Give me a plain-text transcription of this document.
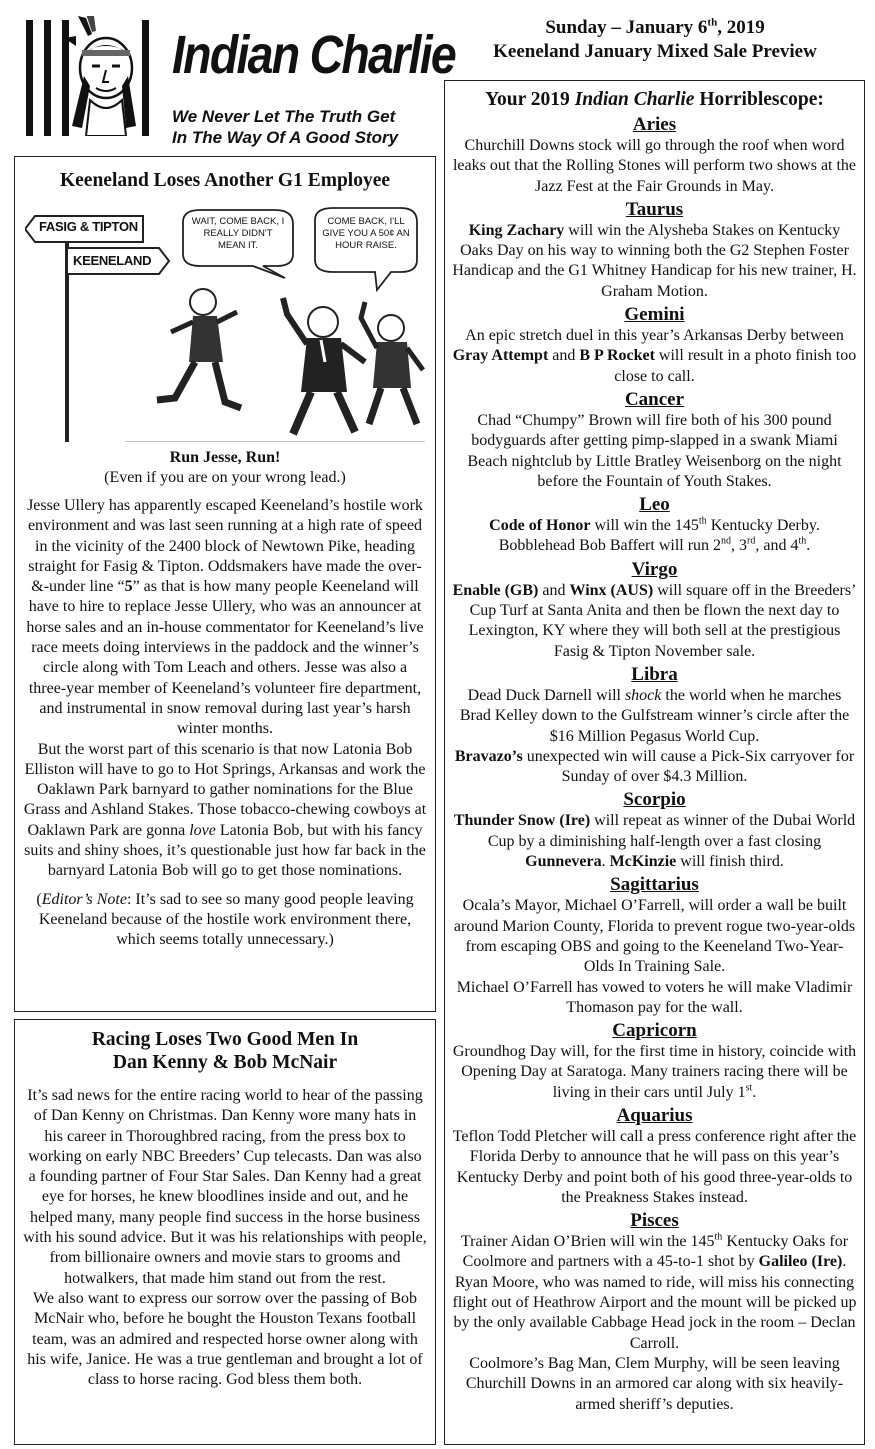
Indian Charlie
We Never Let The Truth Get
In The Way Of A Good Story
Sunday – January 6th, 2019
Keeneland January Mixed Sale Preview
Keeneland Loses Another G1 Employee
FASIG & TIPTON
KEENELAND
WAIT, COME BACK, I REALLY DIDN'T MEAN IT.
COME BACK, I'LL GIVE YOU A 50¢ AN HOUR RAISE.
Run Jesse, Run!
(Even if you are on your wrong lead.)

Jesse Ullery has apparently escaped Keeneland’s hostile work environment and was last seen running at a high rate of speed in the vicinity of the 2400 block of Newtown Pike, heading straight for Fasig & Tipton. Oddsmakers have made the over-&-under line “5” as that is how many people Keeneland will have to hire to replace Jesse Ullery, who was an announcer at horse sales and an in-house commentator for Keeneland’s live race meets doing interviews in the paddock and the winner’s circle along with Tom Leach and others. Jesse was also a three-year member of Keeneland’s volunteer fire department, and instrumental in snow removal during last year’s harsh winter months.

But the worst part of this scenario is that now Latonia Bob Elliston will have to go to Hot Springs, Arkansas and work the Oaklawn Park barnyard to gather nominations for the Blue Grass and Ashland Stakes. Those tobacco-chewing cowboys at Oaklawn Park are gonna love Latonia Bob, but with his fancy suits and shiny shoes, it’s questionable just how far back in the barnyard Latonia Bob will go to get those nominations.

(Editor’s Note: It’s sad to see so many good people leaving Keeneland because of the hostile work environment there, which seems totally unnecessary.)

Racing Loses Two Good Men In
Dan Kenny & Bob McNair

It’s sad news for the entire racing world to hear of the passing of Dan Kenny on Christmas. Dan Kenny wore many hats in his career in Thoroughbred racing, from the press box to working on early NBC Breeders’ Cup telecasts. Dan was also a founding partner of Four Star Sales. Dan Kenny had a great eye for horses, he knew bloodlines inside and out, and he helped many, many people find success in the horse business with his sound advice. But it was his relationships with people, from billionaire owners and movie stars to grooms and hotwalkers, that made him stand out from the rest.

We also want to express our sorrow over the passing of Bob McNair who, before he bought the Houston Texans football team, was an admired and respected horse owner along with his wife, Janice. He was a true gentleman and brought a lot of class to horse racing. God bless them both.

Your 2019 Indian Charlie Horriblescope:
Aries
Churchill Downs stock will go through the roof when word leaks out that the Rolling Stones will perform two shows at the Jazz Fest at the Fair Grounds in May.
Taurus
King Zachary will win the Alysheba Stakes on Kentucky Oaks Day on his way to winning both the G2 Stephen Foster Handicap and the G1 Whitney Handicap for his new trainer, H. Graham Motion.
Gemini
An epic stretch duel in this year’s Arkansas Derby between Gray Attempt and B P Rocket will result in a photo finish too close to call.
Cancer
Chad “Chumpy” Brown will fire both of his 300 pound bodyguards after getting pimp-slapped in a swank Miami Beach nightclub by Little Bratley Weisenborg on the night before the Fountain of Youth Stakes.
Leo
Code of Honor will win the 145th Kentucky Derby. Bobblehead Bob Baffert will run 2nd, 3rd, and 4th.
Virgo
Enable (GB) and Winx (AUS) will square off in the Breeders’ Cup Turf at Santa Anita and then be flown the next day to Lexington, KY where they will both sell at the prestigious Fasig & Tipton November sale.
Libra
Dead Duck Darnell will shock the world when he marches Brad Kelley down to the Gulfstream winner’s circle after the $16 Million Pegasus World Cup.
Bravazo’s unexpected win will cause a Pick-Six carryover for Sunday of over $4.3 Million.
Scorpio
Thunder Snow (Ire) will repeat as winner of the Dubai World Cup by a diminishing half-length over a fast closing Gunnevera. McKinzie will finish third.
Sagittarius
Ocala’s Mayor, Michael O’Farrell, will order a wall be built around Marion County, Florida to prevent rogue two-year-olds from escaping OBS and going to the Keeneland Two-Year-Olds In Training Sale.
Michael O’Farrell has vowed to voters he will make Vladimir Thomason pay for the wall.
Capricorn
Groundhog Day will, for the first time in history, coincide with Opening Day at Saratoga. Many trainers racing there will be living in their cars until July 1st.
Aquarius
Teflon Todd Pletcher will call a press conference right after the Florida Derby to announce that he will pass on this year’s Kentucky Derby and point both of his good three-year-olds to the Preakness Stakes instead.
Pisces
Trainer Aidan O’Brien will win the 145th Kentucky Oaks for Coolmore and partners with a 45-to-1 shot by Galileo (Ire). Ryan Moore, who was named to ride, will miss his connecting flight out of Heathrow Airport and the mount will be picked up by the only available Cabbage Head jock in the room – Declan Carroll.
Coolmore’s Bag Man, Clem Murphy, will be seen leaving Churchill Downs in an armored car along with six heavily-armed sheriff’s deputies.
